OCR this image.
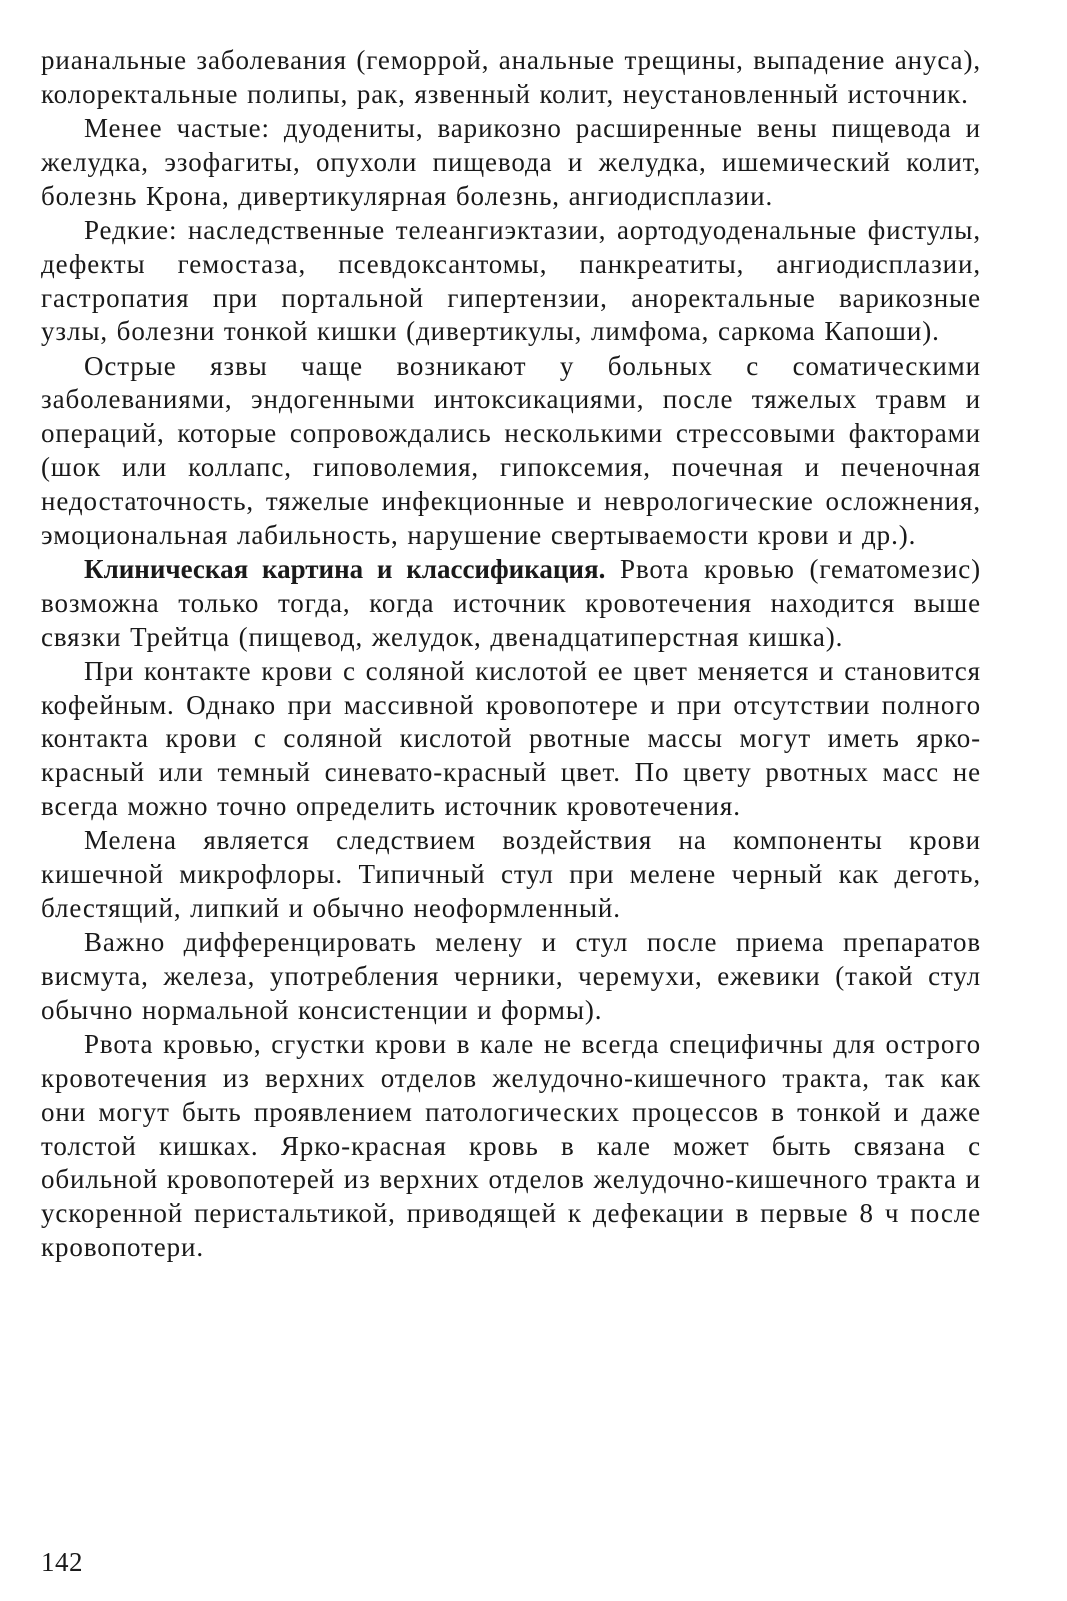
рианальные заболевания (геморрой, анальные трещины, выпадение ануса), колоректальные полипы, рак, язвенный колит, неустановленный источник.

Менее частые: дуодениты, варикозно расширенные вены пищевода и желудка, эзофагиты, опухоли пищевода и желудка, ишемический колит, болезнь Крона, дивертикулярная болезнь, ангиодисплазии.

Редкие: наследственные телеангиэктазии, аортодуоденальные фистулы, дефекты гемостаза, псевдоксантомы, панкреатиты, ангиодисплазии, гастропатия при портальной гипертензии, аноректальные варикозные узлы, болезни тонкой кишки (дивертикулы, лимфома, саркома Капоши).

Острые язвы чаще возникают у больных с соматическими заболеваниями, эндогенными интоксикациями, после тяжелых травм и операций, которые сопровождались несколькими стрессовыми факторами (шок или коллапс, гиповолемия, гипоксемия, почечная и печеночная недостаточность, тяжелые инфекционные и неврологические осложнения, эмоциональная лабильность, нарушение свертываемости крови и др.).

Клиническая картина и классификация. Рвота кровью (гематомезис) возможна только тогда, когда источник кровотечения находится выше связки Трейтца (пищевод, желудок, двенадцатиперстная кишка).

При контакте крови с соляной кислотой ее цвет меняется и становится кофейным. Однако при массивной кровопотере и при отсутствии полного контакта крови с соляной кислотой рвотные массы могут иметь ярко-красный или темный синевато-красный цвет. По цвету рвотных масс не всегда можно точно определить источник кровотечения.

Мелена является следствием воздействия на компоненты крови кишечной микрофлоры. Типичный стул при мелене черный как деготь, блестящий, липкий и обычно неоформленный.

Важно дифференцировать мелену и стул после приема препаратов висмута, железа, употребления черники, черемухи, ежевики (такой стул обычно нормальной консистенции и формы).

Рвота кровью, сгустки крови в кале не всегда специфичны для острого кровотечения из верхних отделов желудочно-кишечного тракта, так как они могут быть проявлением патологических процессов в тонкой и даже толстой кишках. Ярко-красная кровь в кале может быть связана с обильной кровопотерей из верхних отделов желудочно-кишечного тракта и ускоренной перистальтикой, приводящей к дефекации в первые 8 ч после кровопотери.

142
